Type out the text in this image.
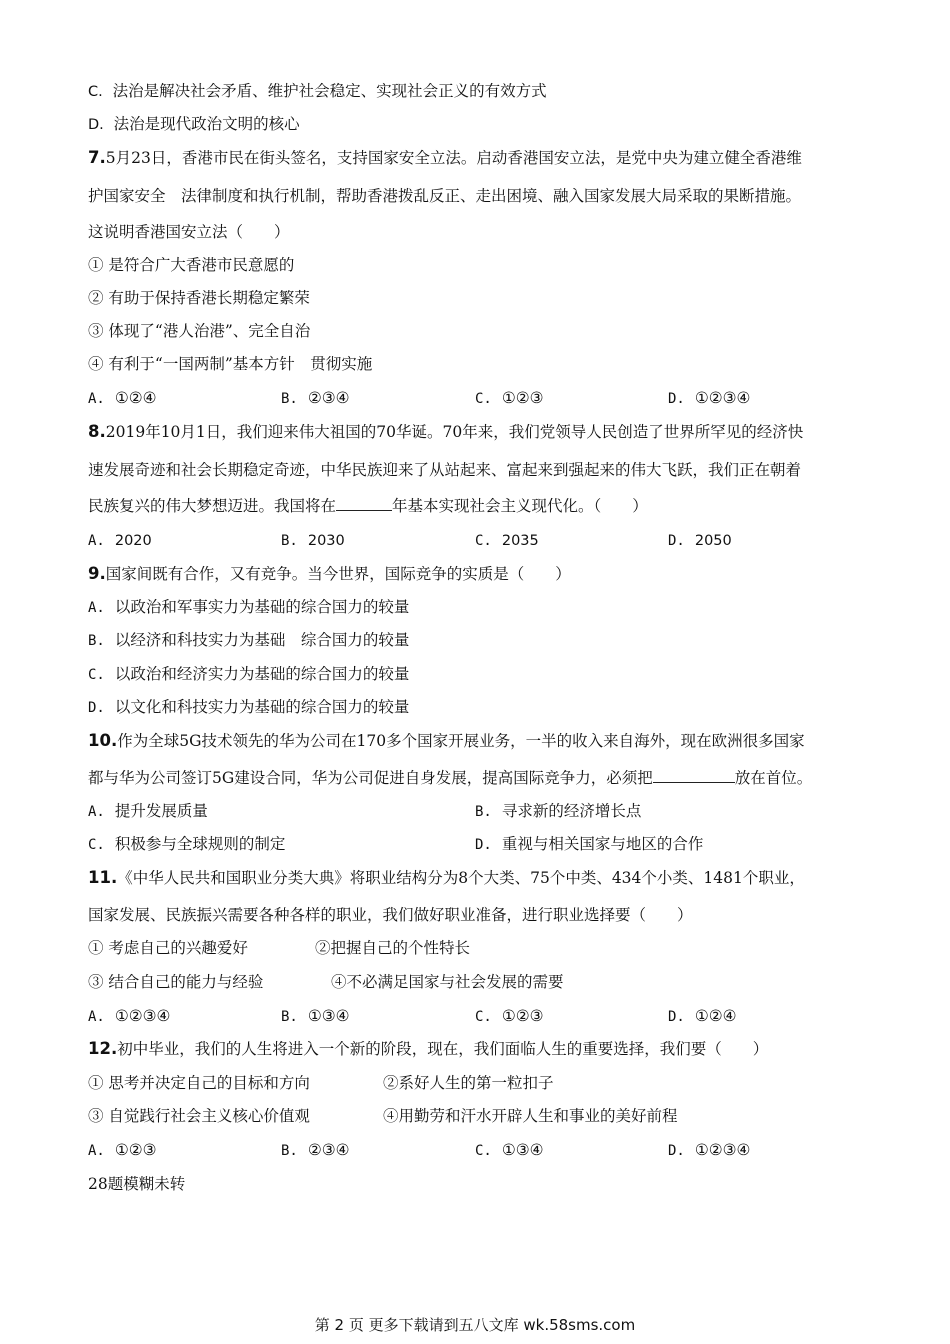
C. 法治是解决社会矛盾、维护社会稳定、实现社会正义的有效方式
D. 法治是现代政治文明的核心
7.5月23日，香港市民在街头签名，支持国家安全立法。启动香港国安立法，是党中央为建立健全香港维
护国家安全　法律制度和执行机制，帮助香港拨乱反正、走出困境、融入国家发展大局采取的果断措施。
这说明香港国安立法（　　）
① 是符合广大香港市民意愿的
② 有助于保持香港长期稳定繁荣
③ 体现了“港人治港”、完全自治
④ 有利于“一国两制”基本方针　贯彻实施
A. ①②④	B. ②③④	C. ①②③	D. ①②③④
8.2019年10月1日，我们迎来伟大祖国的70华诞。70年来，我们党领导人民创造了世界所罕见的经济快
速发展奇迹和社会长期稳定奇迹，中华民族迎来了从站起来、富起来到强起来的伟大飞跃，我们正在朝着
民族复兴的伟大梦想迈进。我国将在	年基本实现社会主义现代化。（　　）
A. 2020	B. 2030	C. 2035	D. 2050
9.国家间既有合作，又有竞争。当今世界，国际竞争的实质是（　　）
A. 以政治和军事实力为基础的综合国力的较量
B. 以经济和科技实力为基础　综合国力的较量
C. 以政治和经济实力为基础的综合国力的较量
D. 以文化和科技实力为基础的综合国力的较量
10.作为全球5G技术领先的华为公司在170多个国家开展业务，一半的收入来自海外，现在欧洲很多国家
都与华为公司签订5G建设合同，华为公司促进自身发展，提高国际竞争力，必须把	放在首位。
A. 提升发展质量	B. 寻求新的经济增长点
C. 积极参与全球规则的制定	D. 重视与相关国家与地区的合作
11.《中华人民共和国职业分类大典》将职业结构分为8个大类、75个中类、434个小类、1481个职业，
国家发展、民族振兴需要各种各样的职业，我们做好职业准备，进行职业选择要（　　）
① 考虑自己的兴趣爱好	②把握自己的个性特长
③ 结合自己的能力与经验	④不必满足国家与社会发展的需要
A. ①②③④	B. ①③④	C. ①②③	D. ①②④
12.初中毕业，我们的人生将进入一个新的阶段，现在，我们面临人生的重要选择，我们要（　　）
① 思考并决定自己的目标和方向	②系好人生的第一粒扣子
③ 自觉践行社会主义核心价值观	④用勤劳和汗水开辟人生和事业的美好前程
A. ①②③	B. ②③④	C. ①③④	D. ①②③④
28题模糊未转
第 2 页 更多下载请到五八文库 wk.58sms.com
